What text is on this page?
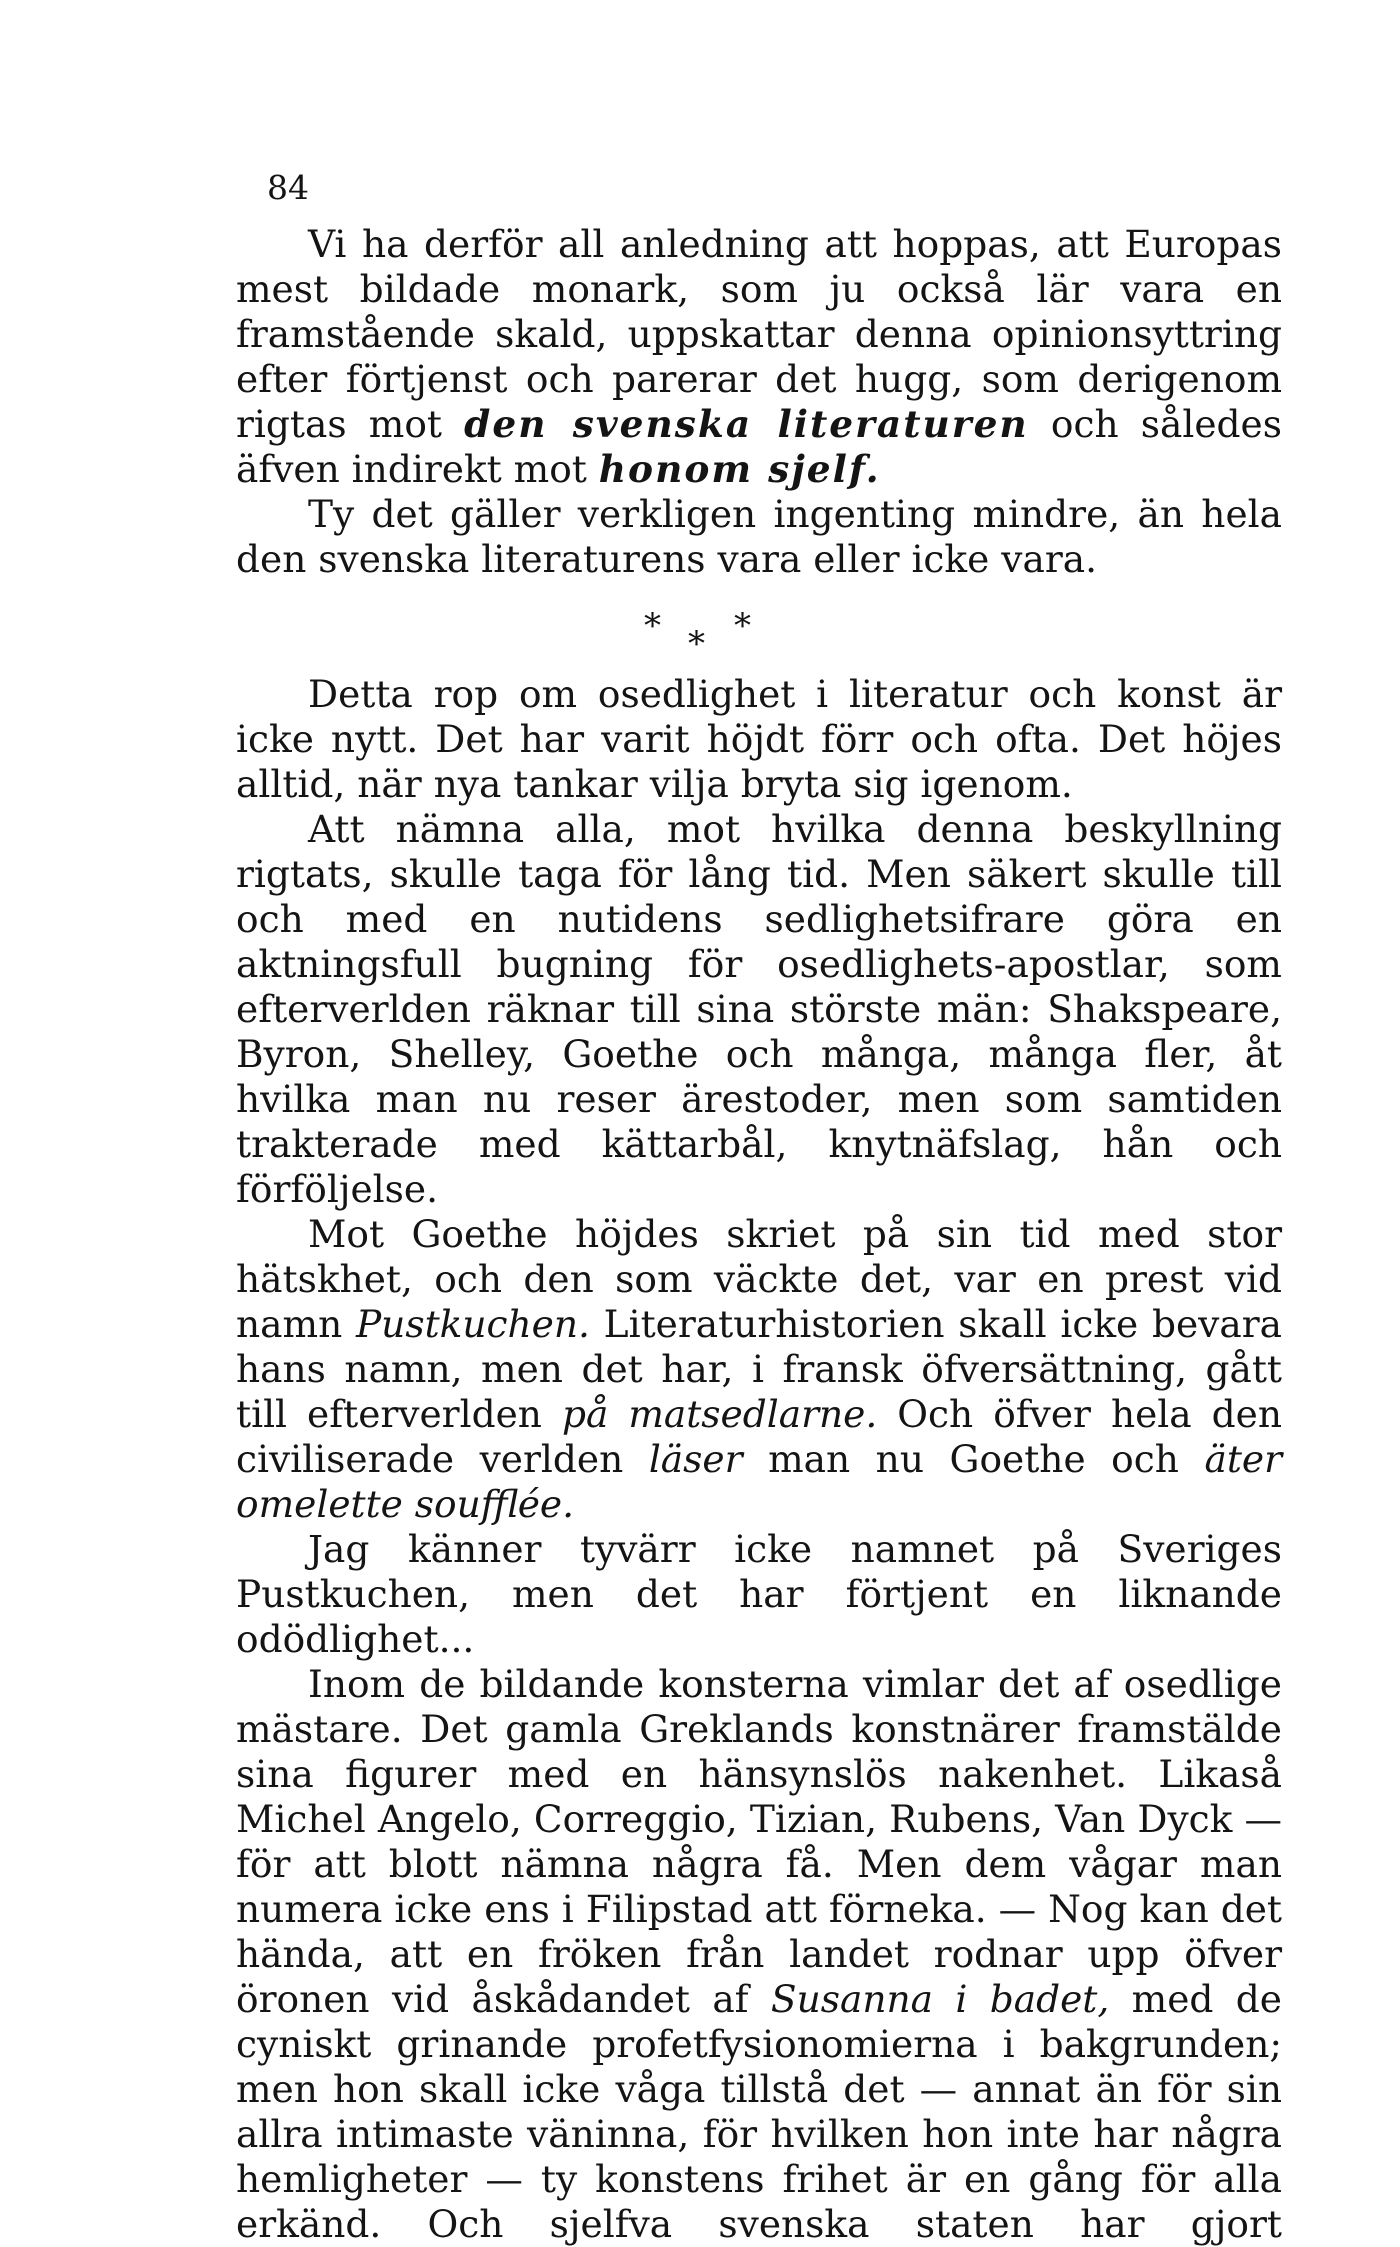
84

Vi ha derför all anledning att hoppas, att Europas mest bildade monark, som ju också lär vara en framstående skald, uppskattar denna opinionsyttring efter förtjenst och parerar det hugg, som derigenom rigtas mot den svenska literaturen och således äfven indirekt mot honom sjelf.

Ty det gäller verkligen ingenting mindre, än hela den svenska literaturens vara eller icke vara.

* * *

Detta rop om osedlighet i literatur och konst är icke nytt. Det har varit höjdt förr och ofta. Det höjes alltid, när nya tankar vilja bryta sig igenom.

Att nämna alla, mot hvilka denna beskyllning rigtats, skulle taga för lång tid. Men säkert skulle till och med en nutidens sedlighetsifrare göra en aktningsfull bugning för osedlighets-apostlar, som efterverlden räknar till sina störste män: Shakspeare, Byron, Shelley, Goethe och många, många fler, åt hvilka man nu reser ärestoder, men som samtiden trakterade med kättarbål, knytnäfslag, hån och förföljelse.

Mot Goethe höjdes skriet på sin tid med stor hätskhet, och den som väckte det, var en prest vid namn Pustkuchen. Literaturhistorien skall icke bevara hans namn, men det har, i fransk öfversättning, gått till efterverlden på matsedlarne. Och öfver hela den civiliserade verlden läser man nu Goethe och äter omelette soufflée.

Jag känner tyvärr icke namnet på Sveriges Pustkuchen, men det har förtjent en liknande odödlighet...

Inom de bildande konsterna vimlar det af osedlige mästare. Det gamla Greklands konstnärer framstälde sina figurer med en hänsynslös nakenhet. Likaså Michel Angelo, Correggio, Tizian, Rubens, Van Dyck — för att blott nämna några få. Men dem vågar man numera icke ens i Filipstad att förneka. — Nog kan det hända, att en fröken från landet rodnar upp öfver öronen vid åskådandet af Susanna i badet, med de cyniskt grinande profetfysionomierna i bakgrunden; men hon skall icke våga tillstå det — annat än för sin allra intimaste väninna, för hvilken hon inte har några hemligheter — ty konstens frihet är en gång för alla erkänd. Och sjelfva svenska staten har gjort
